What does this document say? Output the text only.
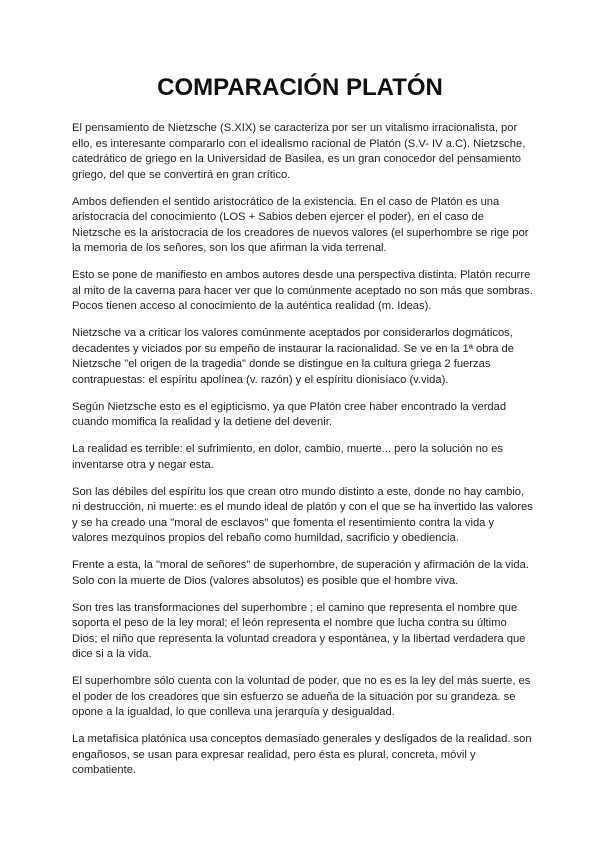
COMPARACIÓN PLATÓN

El pensamiento de Nietzsche (S.XIX) se caracteriza por ser un vitalismo irracionalista, por ello, es interesante compararlo con el idealismo racional de Platón (S.V- IV a.C). Nietzsche, catedrático de griego en la Universidad de Basilea, es un gran conocedor del pensamiento griego, del que se convertirá en gran crítico.

Ambos defienden el sentido aristocrático de la existencia. En el caso de Platón es una aristocracia del conocimiento (LOS + Sabios deben ejercer el poder), en el caso de Nietzsche es la aristocracia de los creadores de nuevos valores (el superhombre se rige por la memoria de los señores, son los que afirman la vida terrenal.

Esto se pone de manifiesto en ambos autores desde una perspectiva distinta. Platón recurre al mito de la caverna para hacer ver que lo comúnmente aceptado no son más que sombras. Pocos tienen acceso al conocimiento de la auténtica realidad (m. Ideas).

Nietzsche va a criticar los valores comúnmente aceptados por considerarlos dogmáticos, decadentes y viciados por su empeño de instaurar la racionalidad. Se ve en la 1ª obra de Nietzsche "el origen de la tragedia" donde se distingue en la cultura griega 2 fuerzas contrapuestas: el espíritu apolínea (v. razón) y el espíritu dionisíaco (v.vida).

Según Nietzsche esto es el egipticismo, ya que Platón cree haber encontrado la verdad cuando momifica la realidad y la detiene del devenir.

La realidad es terrible: el sufrimiento, en dolor, cambio, muerte... pero la solución no es inventarse otra y negar esta.

Son las débiles del espíritu los que crean otro mundo distinto a este, donde no hay cambio, ni destrucción, ni muerte: es el mundo ideal de platón y con el que se ha invertido las valores y se ha creado una "moral de esclavos" que fomenta el resentimiento contra la vida y valores mezquinos propios del rebaño como humildad, sacrificio y obediencia.

Frente a esta, la "moral de señores" de superhombre, de superación y afirmación de la vida. Solo con la muerte de Dios (valores absolutos) es posible que el hombre viva.

Son tres las transformaciones del superhombre ; el camino que representa el nombre que soporta el peso de la ley moral; el león representa el nombre que lucha contra su último Dios; el niño que representa la voluntad creadora y espontánea, y la libertad verdadera que dice si a la vida.

El superhombre sólo cuenta con la voluntad de poder, que no es es la ley del más suerte, es el poder de los creadores que sin esfuerzo se adueña de la situación por su grandeza. se opone a la igualdad, lo que conlleva una jerarquía y desigualdad.

La metafísica platónica usa conceptos demasiado generales y desligados de la realidad. son engañosos, se usan para expresar realidad, pero ésta es plural, concreta, móvil y combatiente.
